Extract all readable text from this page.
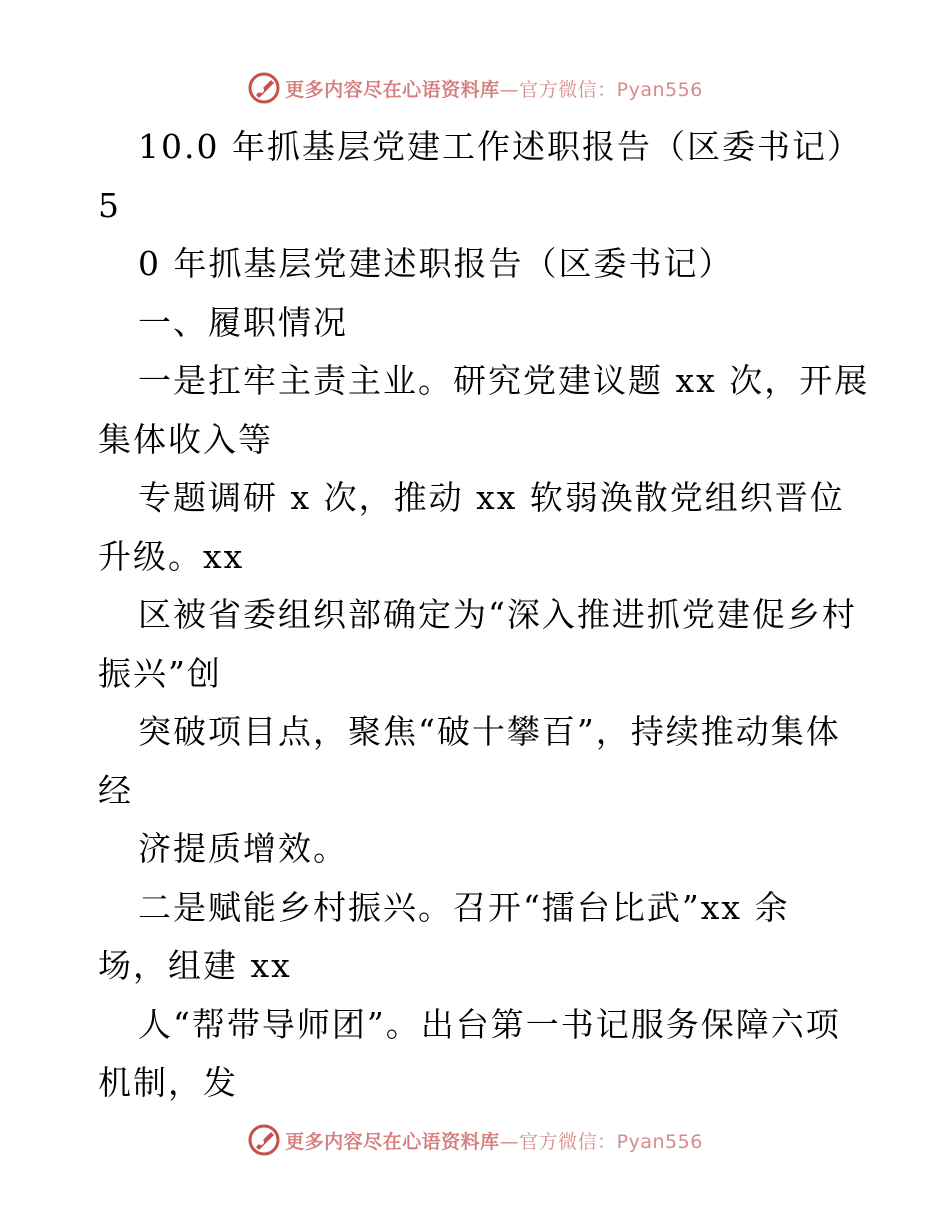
更多内容尽在心语资料库—官方微信：Pyan556
10.0 年抓基层党建工作述职报告（区委书记）
5
0 年抓基层党建述职报告（区委书记）
一、履职情况
一是扛牢主责主业。研究党建议题 xx 次，开展
集体收入等
专题调研 x 次，推动 xx 软弱涣散党组织晋位
升级。xx
区被省委组织部确定为“深入推进抓党建促乡村
振兴”创
突破项目点，聚焦“破十攀百”，持续推动集体
经
济提质增效。
二是赋能乡村振兴。召开“擂台比武”xx 余
场，组建 xx
人“帮带导师团”。出台第一书记服务保障六项
机制，发
更多内容尽在心语资料库—官方微信：Pyan556
